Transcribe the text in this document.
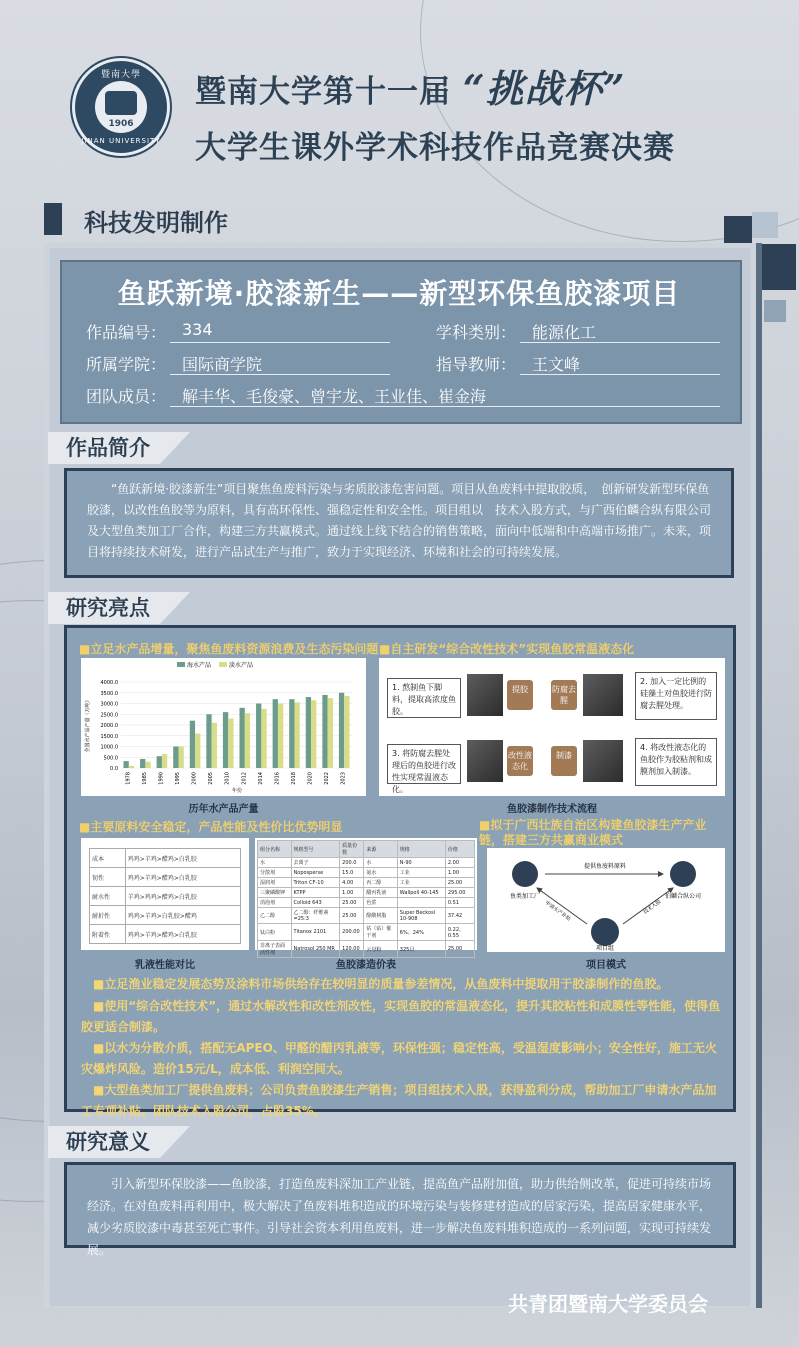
暨南大學
1906
JINAN UNIVERSITY
暨南大学第十一届 “挑战杯”
大学生课外学术科技作品竞赛决赛
科技发明制作
鱼跃新境·胶漆新生——新型环保鱼胶漆项目
作品编号： 334	学科类别： 能源化工
所属学院： 国际商学院	指导教师： 王文峰
团队成员： 解丰华、毛俊豪、曾宇龙、王业佳、崔金海
作品简介
“鱼跃新境·胶漆新生”项目聚焦鱼废料污染与劣质胶漆危害问题。项目从鱼废料中提取胶质，　创新研发新型环保鱼胶漆，以改性鱼胶等为原料，具有高环保性、强稳定性和安全性。项目组以　技术入股方式，与广西伯麟合纵有限公司及大型鱼类加工厂合作，构建三方共赢模式。通过线上线下结合的销售策略，面向中低端和中高端市场推广。未来，项目将持续技术研发，进行产品试生产与推广，致力于实现经济、环境和社会的可持续发展。
研究亮点
■立足水产品增量，聚焦鱼废料资源浪费及生态污染问题 ■自主研发“综合改性技术”实现鱼胶常温液态化
海水产品	淡水产品
全国水产品产量（万吨）
0.0
500.0
1000.0
1500.0
2000.0
2500.0
3000.0
3500.0
4000.0
1978 1985 1990 1995 2000 2005 2010 2012 2014 2016 2018 2020 2022 2023
年份
历年水产品产量
1. 熬制鱼下脚料，提取高浓度鱼胶。
提胶	防腐去腥
2. 加入一定比例的硅藻土对鱼胶进行防腐去腥处理。
3. 将防腐去腥处理后的鱼胶进行改性实现常温液态化。
改性液态化
制漆
4. 将改性液态化的鱼胶作为胶粘剂和成膜剂加入制漆。
鱼胶漆制作技术流程
■主要原料安全稳定，产品性能及性价比优势明显	■拟于广西壮族自治区构建鱼胶漆生产产业链，搭建三方共赢商业模式
成本	鸡鸡>羊鸡>醋鸡>白乳胶
韧性	鸡鸡>羊鸡>醋鸡>白乳胶
耐水性	羊鸡>鸡鸡>醋鸡>白乳胶
耐折性	鸡鸡>羊鸡>白乳胶>醋鸡
附着性	鸡鸡>羊鸡>醋鸡>白乳胶
乳液性能对比
组分名称	规格型号	质量份数	来源	规格	价格
水	去离子	200.0	水	N-90	2.00
分散剂	Noposperse	15.0	氨水	工业	1.00
湿润剂	Triton CF-10	4.00	丙二醇	工业	25.00
三聚磷酸钾	KTPP	1.00	醋丙乳液	Wallpoll 40-145	295.00
消泡剂	Colloid 643	25.00	色浆		0.51
乙二醇	乙二醇：纤维素=25:3	25.00	醇酸树脂	Super Beckosl 10-908	37.42
钛白粉	Titanox 2101	200.00	钴（钻）催干剂	6%、24%	0.22、0.55
非离子表面活性剂	Natrosol 250 MR	120.00	云母粉	325目	25.00
鱼胶漆造价表
提供鱼废料原料
鱼类加工厂	伯麟合纵公司
项目组
申请水产补贴	技术入股
项目模式
■立足渔业稳定发展态势及涂料市场供给存在较明显的质量参差情况，从鱼废料中提取用于胶漆制作的鱼胶。
■使用“综合改性技术”，通过水解改性和改性剂改性，实现鱼胶的常温液态化，提升其胶粘性和成膜性等性能，使得鱼胶更适合制漆。
■以水为分散介质，搭配无APEO、甲醛的醋丙乳液等，环保性强；稳定性高，受温湿度影响小；安全性好，施工无火灾爆炸风险。造价15元/L，成本低、利润空间大。
■大型鱼类加工厂提供鱼废料；公司负责鱼胶漆生产销售；项目组技术入股，获得盈利分成，帮助加工厂申请水产品加工专项补贴。团队技术入股公司，占股35%。
研究意义
引入新型环保胶漆——鱼胶漆，打造鱼废料深加工产业链，提高鱼产品附加值，助力供给侧改革，促进可持续市场经济。在对鱼废料再利用中，极大解决了鱼废料堆积造成的环境污染与装修建材造成的居家污染，提高居家健康水平，减少劣质胶漆中毒甚至死亡事件。引导社会资本利用鱼废料，进一步解决鱼废料堆积造成的一系列问题，实现可持续发展。
共青团暨南大学委员会
